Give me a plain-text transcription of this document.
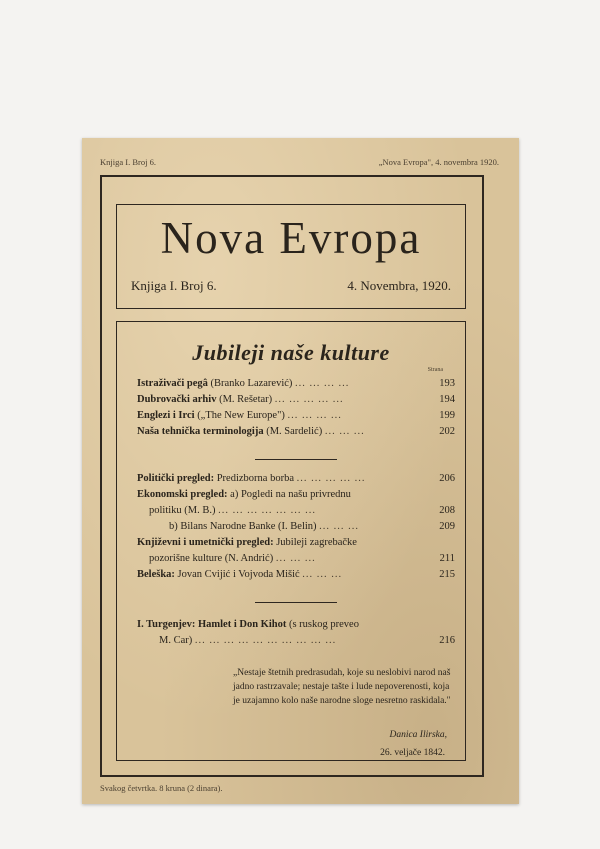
Knjiga I. Broj 6.	„Nova Evropa", 4. novembra 1920.
Nova Evropa
Knjiga I. Broj 6.	4. Novembra, 1920.
Jubileji naše kulture
Strana
Istraživači pegâ (Branko Lazarević) ... ... ... ...	193
Dubrovački arhiv (M. Rešetar) ... ... ... ... ...	194
Englezi i Irci („The New Europe") ... ... ... ...	199
Naša tehnička terminologija (M. Sardelić) ... ... ...	202
Politički pregled: Predizborna borba ... ... ... ... ...	206
Ekonomski pregled: a) Pogledi na našu privrednu
politiku (M. B.) ... ... ... ... ... ... ...	208
b) Bilans Narodne Banke (I. Belin) ... ... ...	209
Književni i umetnički pregled: Jubileji zagrebačke
pozorišne kulture (N. Andrić) ... ... ...	211
Beleška: Jovan Cvijić i Vojvoda Mišić ... ... ...	215
I. Turgenjev: Hamlet i Don Kihot (s ruskog preveo
M. Car) ... ... ... ... ... ... ... ... ... ...	216
„Nestaje štetnih predrasudah, koje su neslobivi narod naš jadno rastrzavale; nestaje tašte i lude nepoverenosti, koja je uzajamno kolo naše narodne sloge nesretno raskidala."
Danica Ilirska,
26. veljače 1842.
Svakog četvrtka. 8 kruna (2 dinara).
